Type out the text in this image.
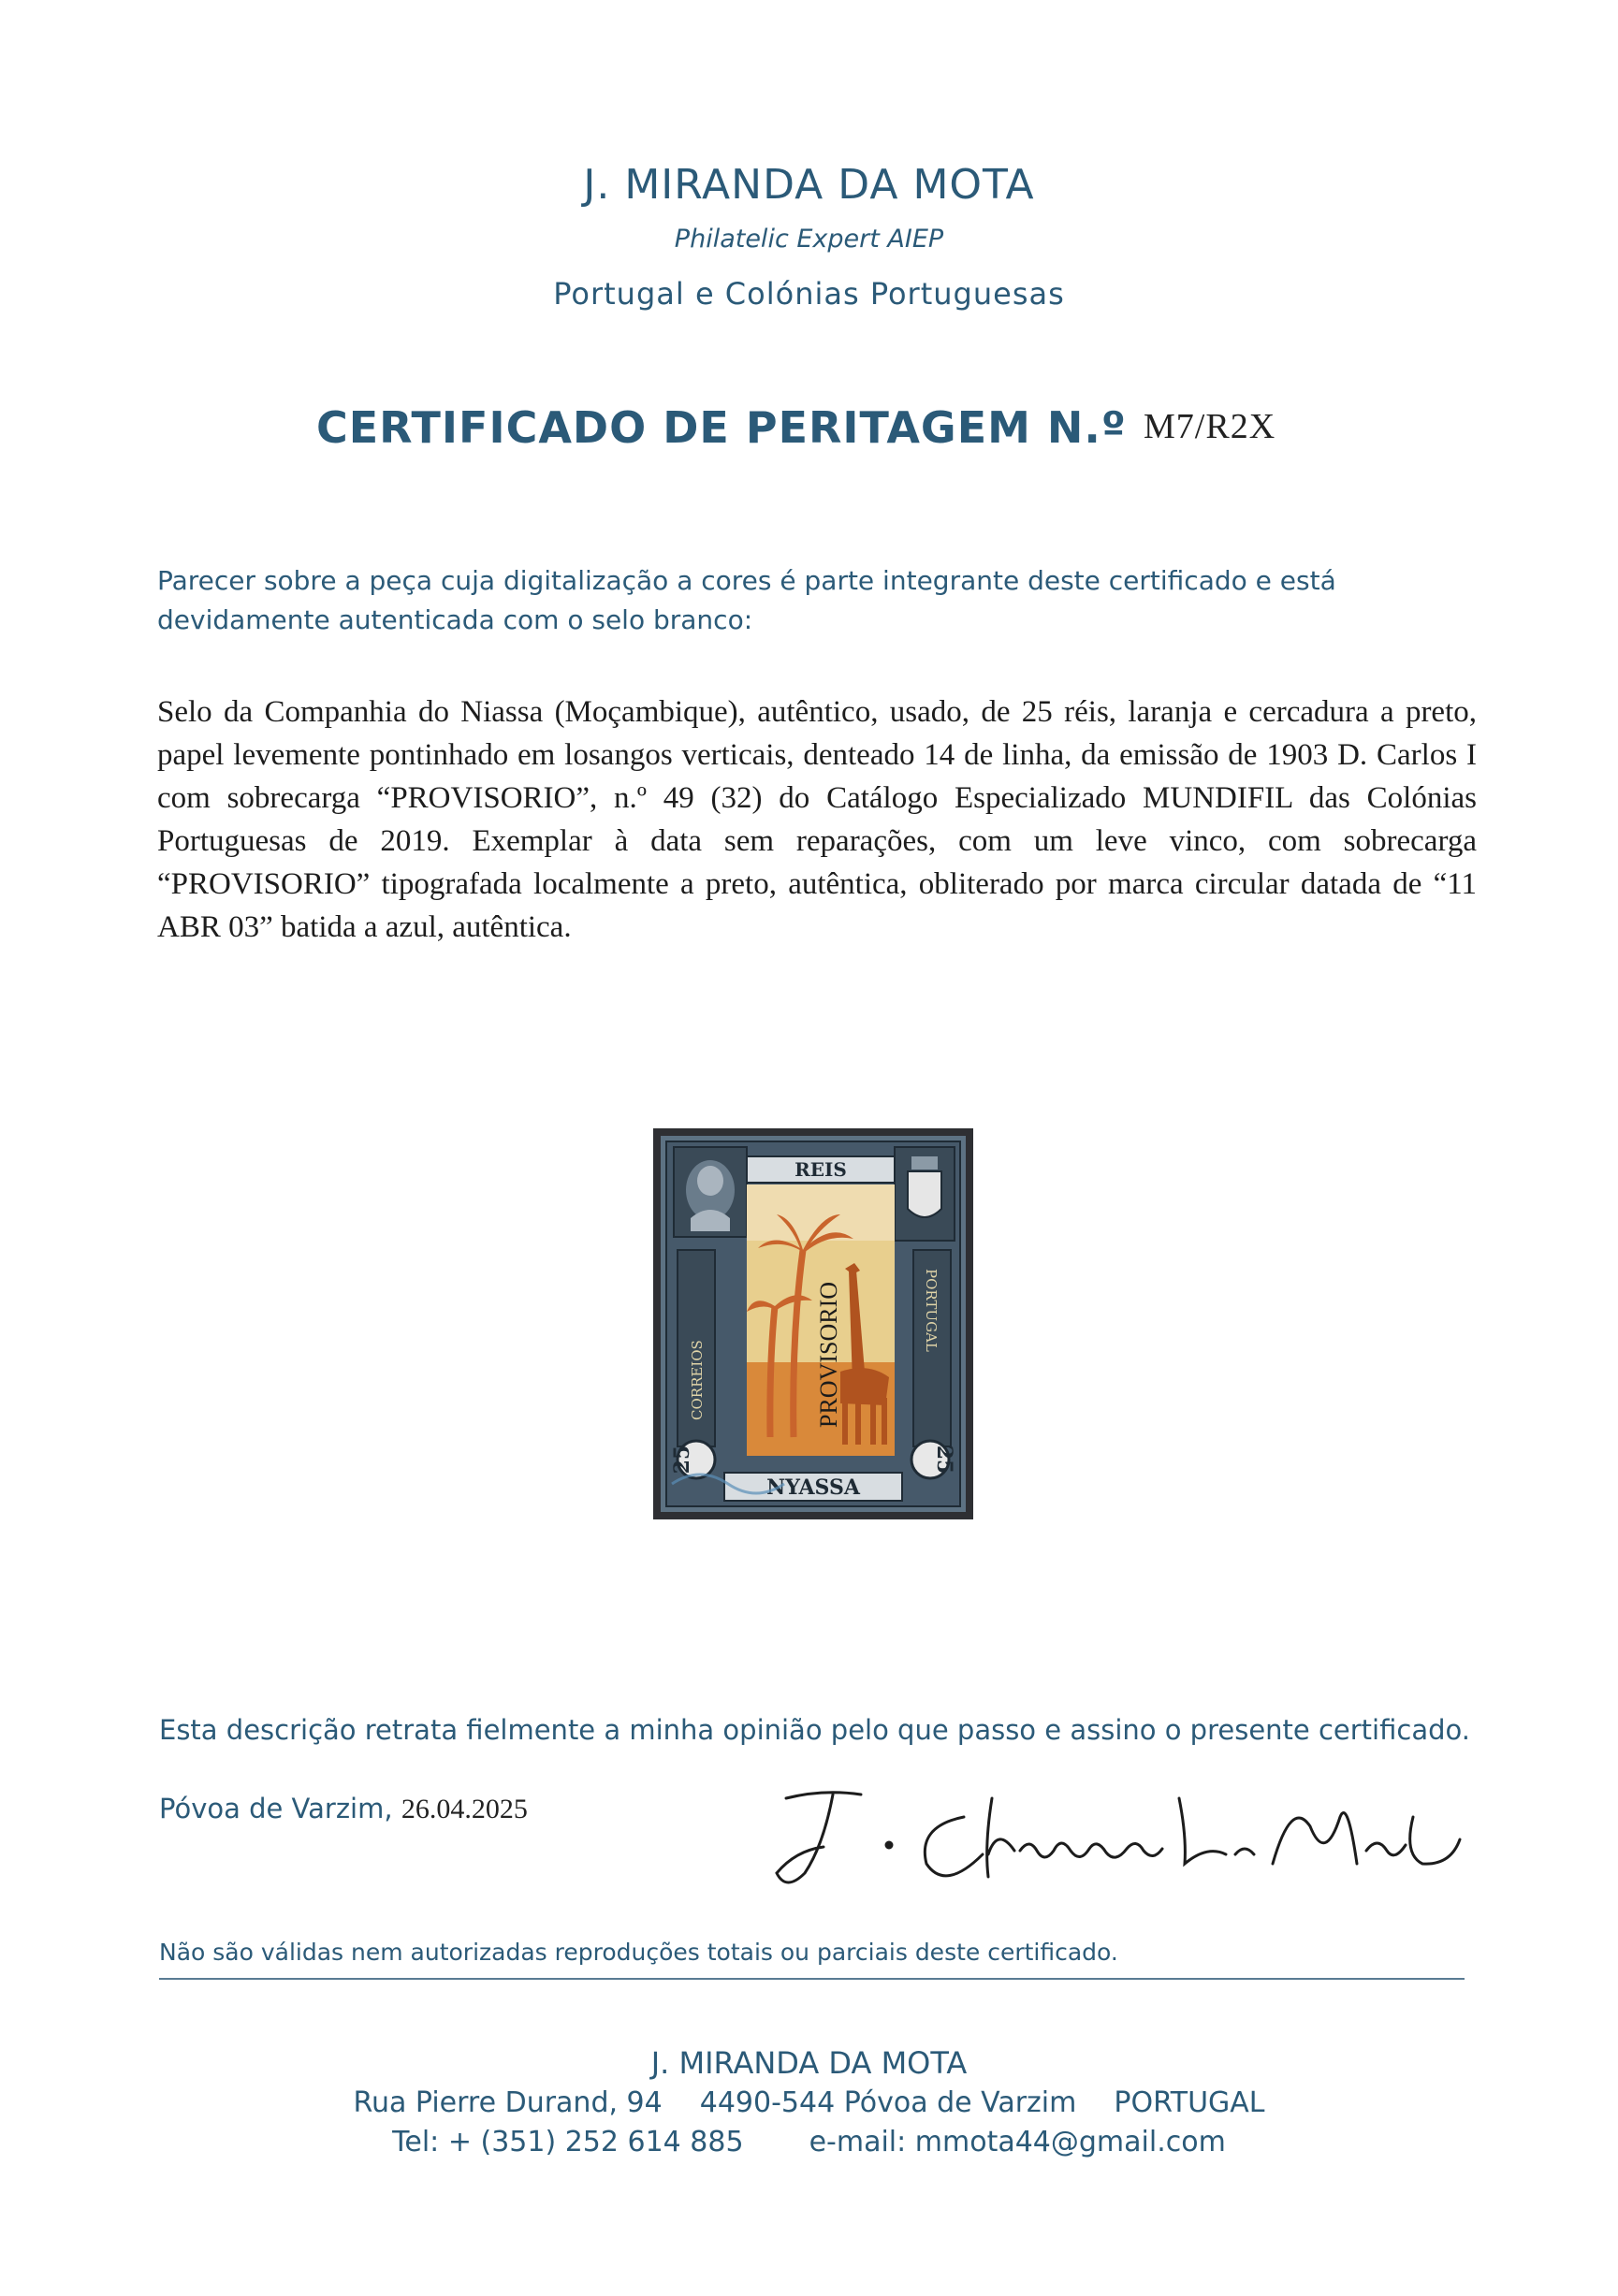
J. MIRANDA DA MOTA
Philatelic Expert AIEP
Portugal e Colónias Portuguesas
CERTIFICADO DE PERITAGEM N.º M7/R2X
Parecer sobre a peça cuja digitalização a cores é parte integrante deste certificado e está devidamente autenticada com o selo branco:
Selo da Companhia do Niassa (Moçambique), autêntico, usado, de 25 réis, laranja e cercadura a preto, papel levemente pontinhado em losangos verticais, denteado 14 de linha, da emissão de 1903 D. Carlos I com sobrecarga “PROVISORIO”, n.º 49 (32) do Catálogo Especializado MUNDIFIL das Colónias Portuguesas de 2019. Exemplar à data sem reparações, com um leve vinco, com sobrecarga “PROVISORIO” tipografada localmente a preto, autêntica, obliterado por marca circular datada de “11 ABR 03” batida a azul, autêntica.
REIS
PROVISORIO
CORREIOS
PORTUGAL
25	25
NYASSA
Esta descrição retrata fielmente a minha opinião pelo que passo e assino o presente certificado.
Póvoa de Varzim, 26.04.2025
Não são válidas nem autorizadas reproduções totais ou parciais deste certificado.
J. MIRANDA DA MOTA
Rua Pierre Durand, 94 4490-544 Póvoa de Varzim PORTUGAL
Tel: + (351) 252 614 885 e-mail: mmota44@gmail.com
